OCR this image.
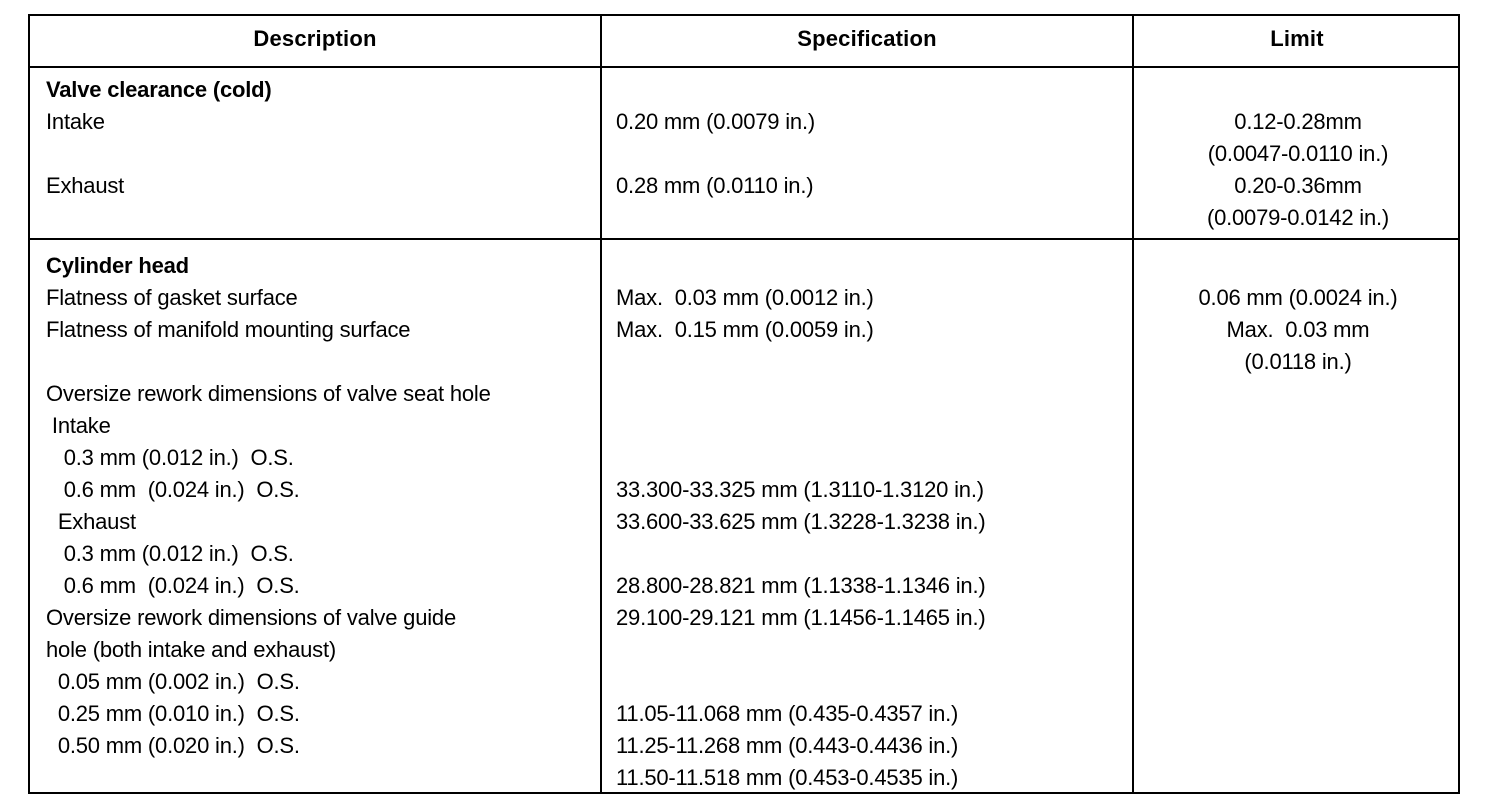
Description	Specification	Limit
Valve clearance (cold)
Intake
Exhaust
0.20 mm (0.0079 in.)
0.28 mm (0.0110 in.)
0.12-0.28mm
(0.0047-0.0110 in.)
0.20-0.36mm
(0.0079-0.0142 in.)
Cylinder head
Flatness of gasket surface
Flatness of manifold mounting surface
Oversize rework dimensions of valve seat hole
Intake
0.3 mm (0.012 in.)  O.S.
0.6 mm  (0.024 in.)  O.S.
Exhaust
0.3 mm (0.012 in.)  O.S.
0.6 mm  (0.024 in.)  O.S.
Oversize rework dimensions of valve guide
hole (both intake and exhaust)
0.05 mm (0.002 in.)  O.S.
0.25 mm (0.010 in.)  O.S.
0.50 mm (0.020 in.)  O.S.
Max.  0.03 mm (0.0012 in.)
Max.  0.15 mm (0.0059 in.)
33.300-33.325 mm (1.3110-1.3120 in.)
33.600-33.625 mm (1.3228-1.3238 in.)
28.800-28.821 mm (1.1338-1.1346 in.)
29.100-29.121 mm (1.1456-1.1465 in.)
11.05-11.068 mm (0.435-0.4357 in.)
11.25-11.268 mm (0.443-0.4436 in.)
11.50-11.518 mm (0.453-0.4535 in.)
0.06 mm (0.0024 in.)
Max.  0.03 mm
(0.0118 in.)
